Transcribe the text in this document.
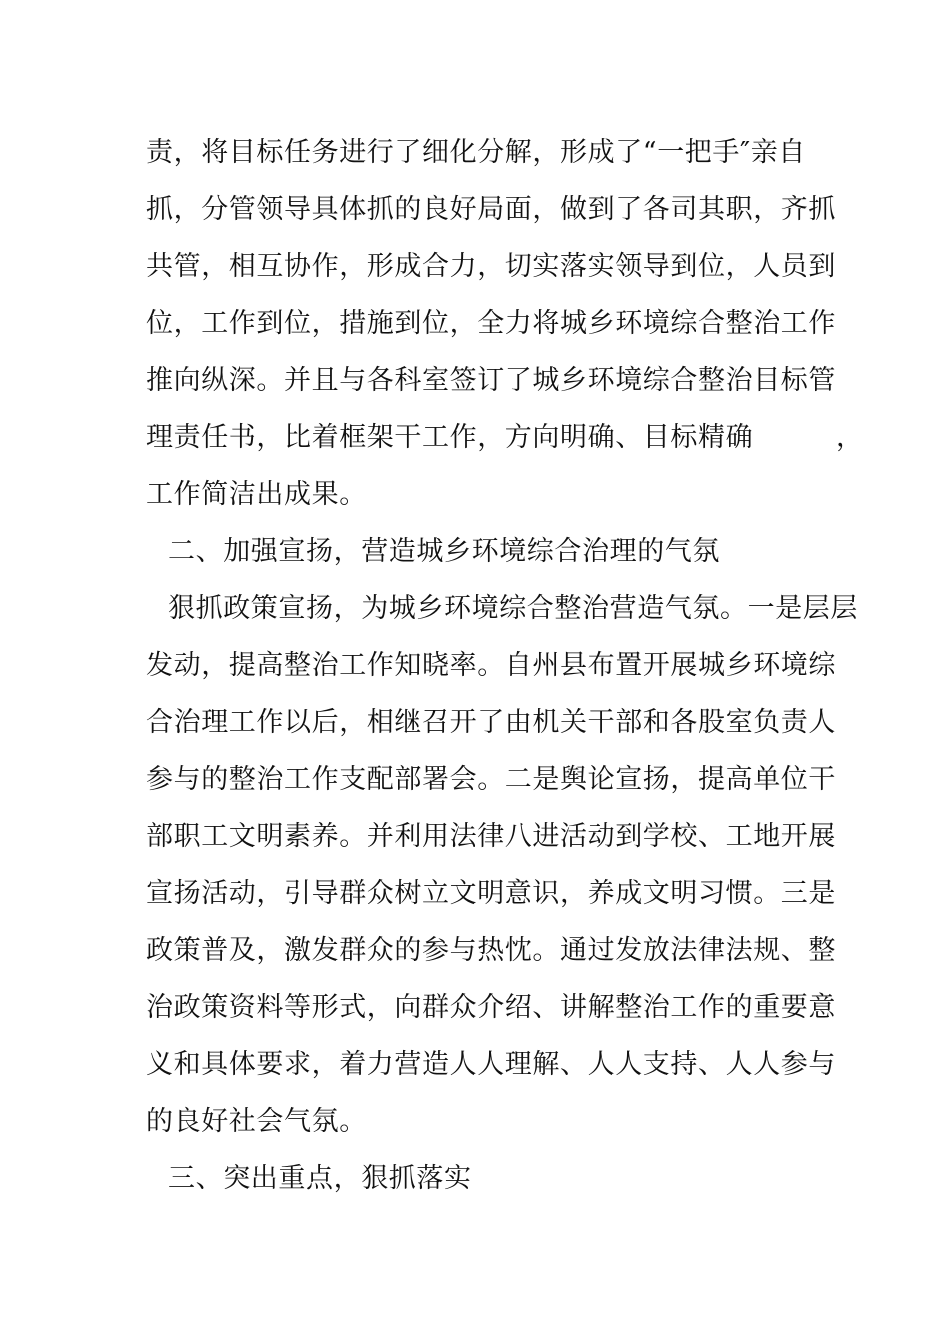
责，将目标任务进行了细化分解，形成了“一把手″亲自
抓，分管领导具体抓的良好局面，做到了各司其职，齐抓
共管，相互协作，形成合力，切实落实领导到位，人员到
位，工作到位，措施到位，全力将城乡环境综合整治工作
推向纵深。并且与各科室签订了城乡环境综合整治目标管
理责任书，比着框架干工作，方向明确、目标精确　　　，
工作简洁出成果。
二、加强宣扬，营造城乡环境综合治理的气氛
狠抓政策宣扬，为城乡环境综合整治营造气氛。一是层层
发动，提高整治工作知晓率。自州县布置开展城乡环境综
合治理工作以后，相继召开了由机关干部和各股室负责人
参与的整治工作支配部署会。二是舆论宣扬，提高单位干
部职工文明素养。并利用法律八进活动到学校、工地开展
宣扬活动，引导群众树立文明意识，养成文明习惯。三是
政策普及，激发群众的参与热忱。通过发放法律法规、整
治政策资料等形式，向群众介绍、讲解整治工作的重要意
义和具体要求，着力营造人人理解、人人支持、人人参与
的良好社会气氛。
三、突出重点，狠抓落实
